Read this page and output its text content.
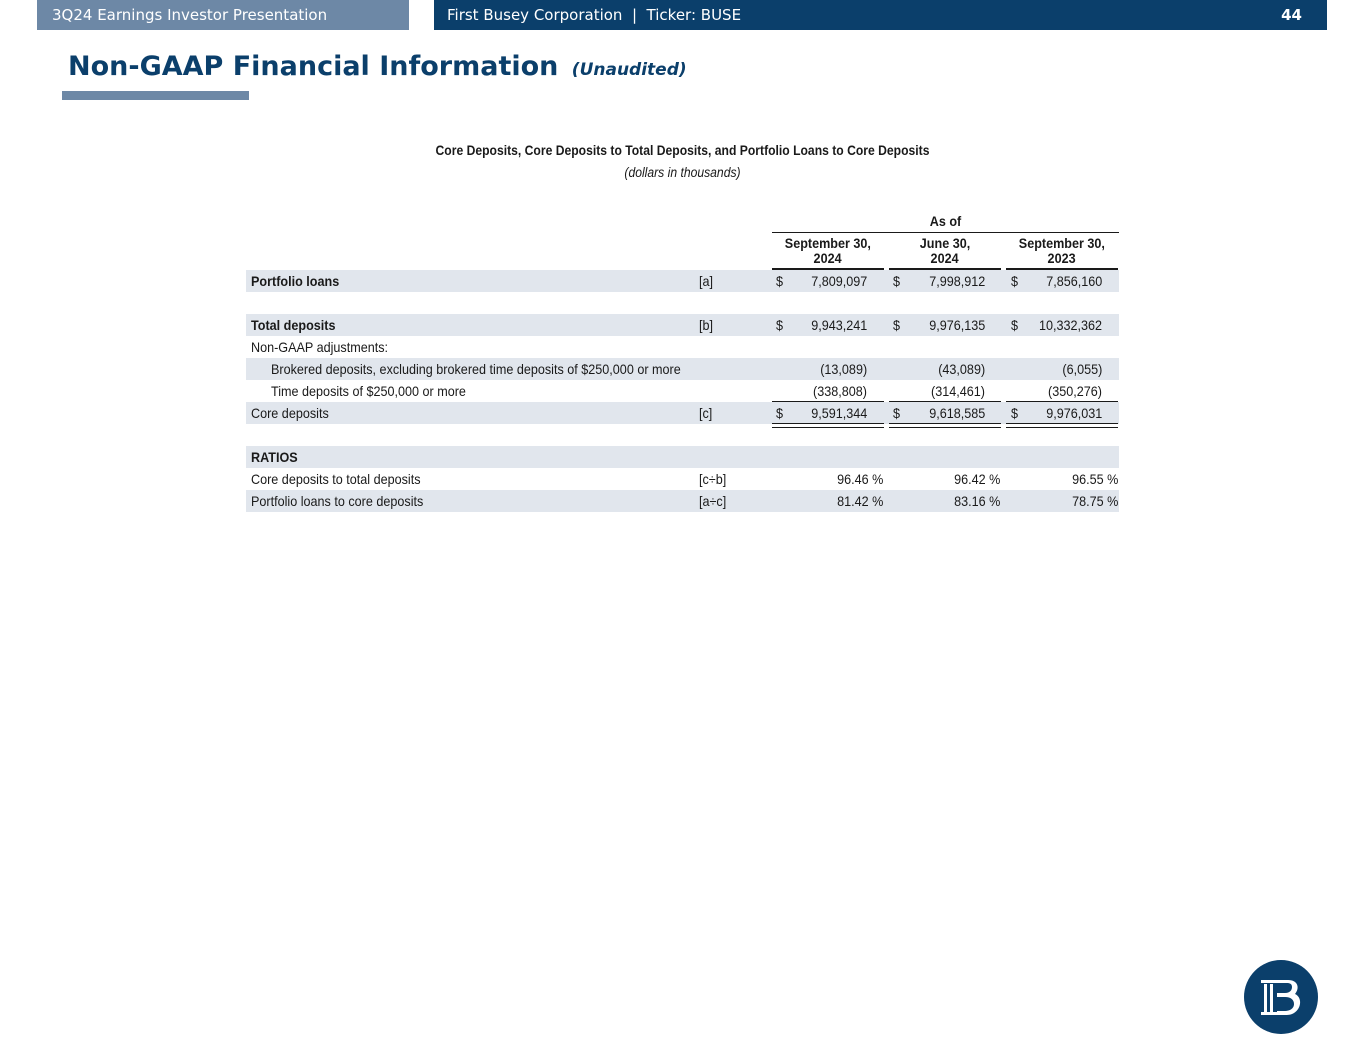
3Q24 Earnings Investor Presentation	First Busey Corporation  |  Ticker: BUSE	44
Non-GAAP Financial Information (Unaudited)
Core Deposits, Core Deposits to Total Deposits, and Portfolio Loans to Core Deposits
(dollars in thousands)
As of
September 30,
2024
June 30,
2024
September 30,
2023
Portfolio loans	[a]	$ 7,809,097 $ 7,998,912 $ 7,856,160
Total deposits	[b]	$ 9,943,241 $ 9,976,135 $ 10,332,362
Non-GAAP adjustments:
Brokered deposits, excluding brokered time deposits of $250,000 or more	(13,089)	(43,089)	(6,055)
Time deposits of $250,000 or more	(338,808)	(314,461)	(350,276)
Core deposits	[c]	$ 9,591,344 $ 9,618,585 $ 9,976,031
RATIOS
Core deposits to total deposits	[c÷b]	96.46 %	96.42 %	96.55 %
Portfolio loans to core deposits	[a÷c]	81.42 %	83.16 %	78.75 %
